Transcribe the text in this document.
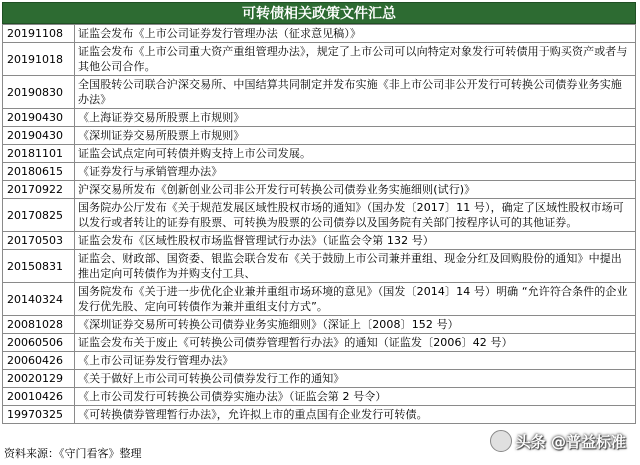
可转债相关政策文件汇总
20191108	证监会发布《上市公司证券发行管理办法（征求意见稿）》
20191018	证监会发布《上市公司重大资产重组管理办法》，规定了上市公司可以向特定对象发行可转债用于购买资产或者与其他公司合作。
20190830	全国股转公司联合沪深交易所、中国结算共同制定并发布实施《非上市公司非公开发行可转换公司债券业务实施办法》
20190430	《上海证券交易所股票上市规则》
20190430	《深圳证券交易所股票上市规则》
20181101	证监会试点定向可转债并购支持上市公司发展。
20180615	《证券发行与承销管理办法》
20170922	沪深交易所发布《创新创业公司非公开发行可转换公司债券业务实施细则(试行)》
20170825	国务院办公厅发布《关于规范发展区域性股权市场的通知》（国办发〔2017〕11 号），确定了区域性股权市场可以发行或者转让的证券有股票、可转换为股票的公司债券以及国务院有关部门按程序认可的其他证券。
20170503	证监会发布《区域性股权市场监督管理试行办法》（证监会令第 132 号）
20150831	证监会、财政部、国资委、银监会联合发布《关于鼓励上市公司兼并重组、现金分红及回购股份的通知》中提出推出定向可转债作为并购支付工具、
20140324	国务院发布《关于进一步优化企业兼并重组市场环境的意见》（国发〔2014〕14 号）明确 “允许符合条件的企业发行优先股、定向可转债作为兼并重组支付方式”。
20081028	《深圳证券交易所可转换公司债券业务实施细则》（深证上〔2008〕152 号）
20060506	证监会发布关于废止《可转换公司债券管理暂行办法》的通知（证监发〔2006〕42 号）
20060426	《上市公司证券发行管理办法》
20020129	《关于做好上市公司可转换公司债券发行工作的通知》
20010426	《上市公司发行可转换公司债券实施办法》（证监会第 2 号令）
19970325	《可转换债券管理暂行办法》，允许拟上市的重点国有企业发行可转债。
资料来源：《守门看客》整理
头条 @普益标准
